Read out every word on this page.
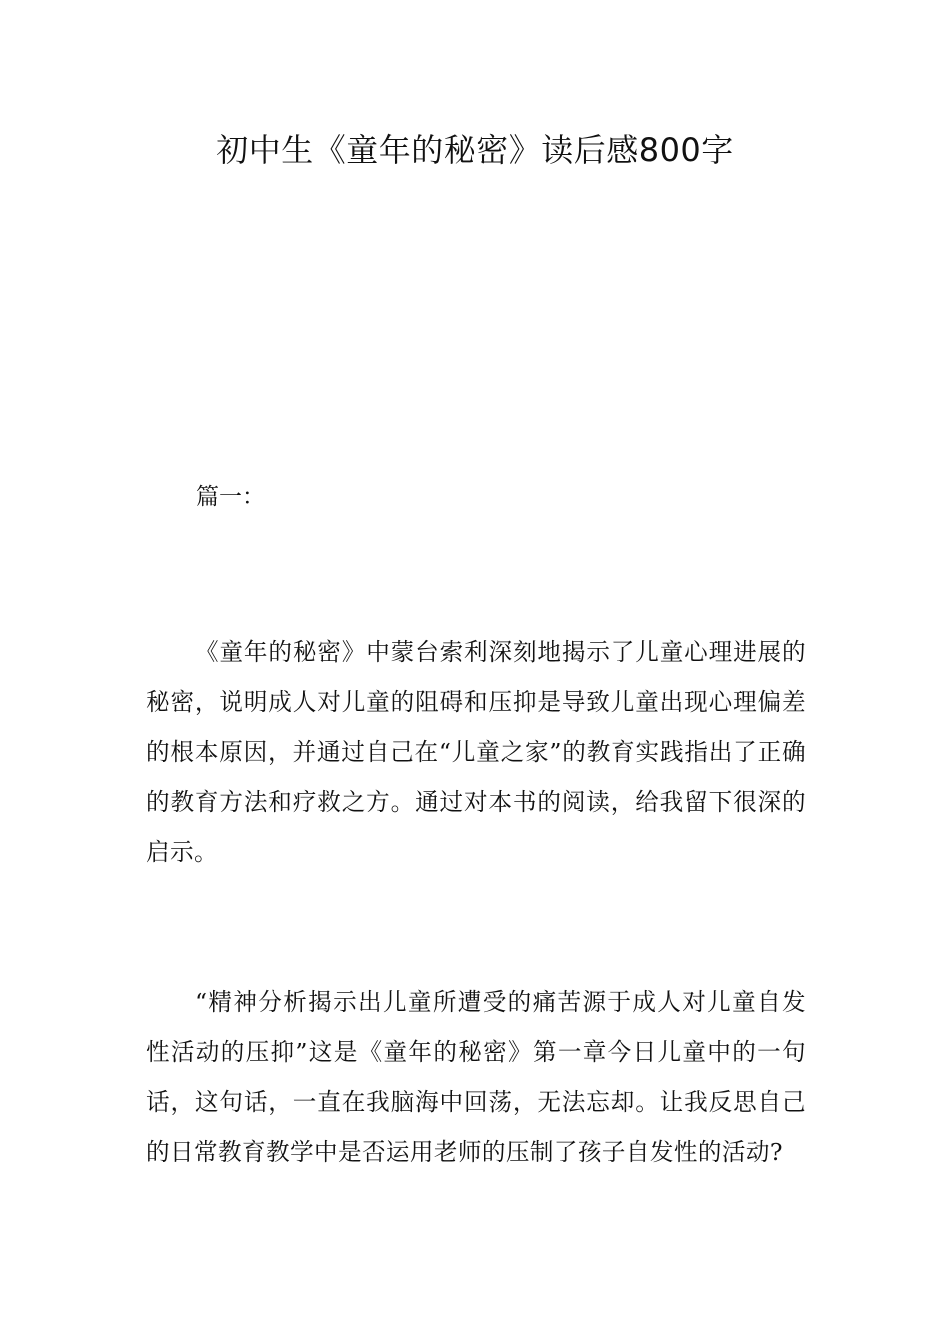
初中生《童年的秘密》读后感800字

篇一：

《童年的秘密》中蒙台索利深刻地揭示了儿童心理进展的秘密，说明成人对儿童的阻碍和压抑是导致儿童出现心理偏差的根本原因，并通过自己在“儿童之家”的教育实践指出了正确的教育方法和疗救之方。通过对本书的阅读，给我留下很深的启示。

“精神分析揭示出儿童所遭受的痛苦源于成人对儿童自发性活动的压抑”这是《童年的秘密》第一章今日儿童中的一句话，这句话，一直在我脑海中回荡，无法忘却。让我反思自己的日常教育教学中是否运用老师的压制了孩子自发性的活动?
